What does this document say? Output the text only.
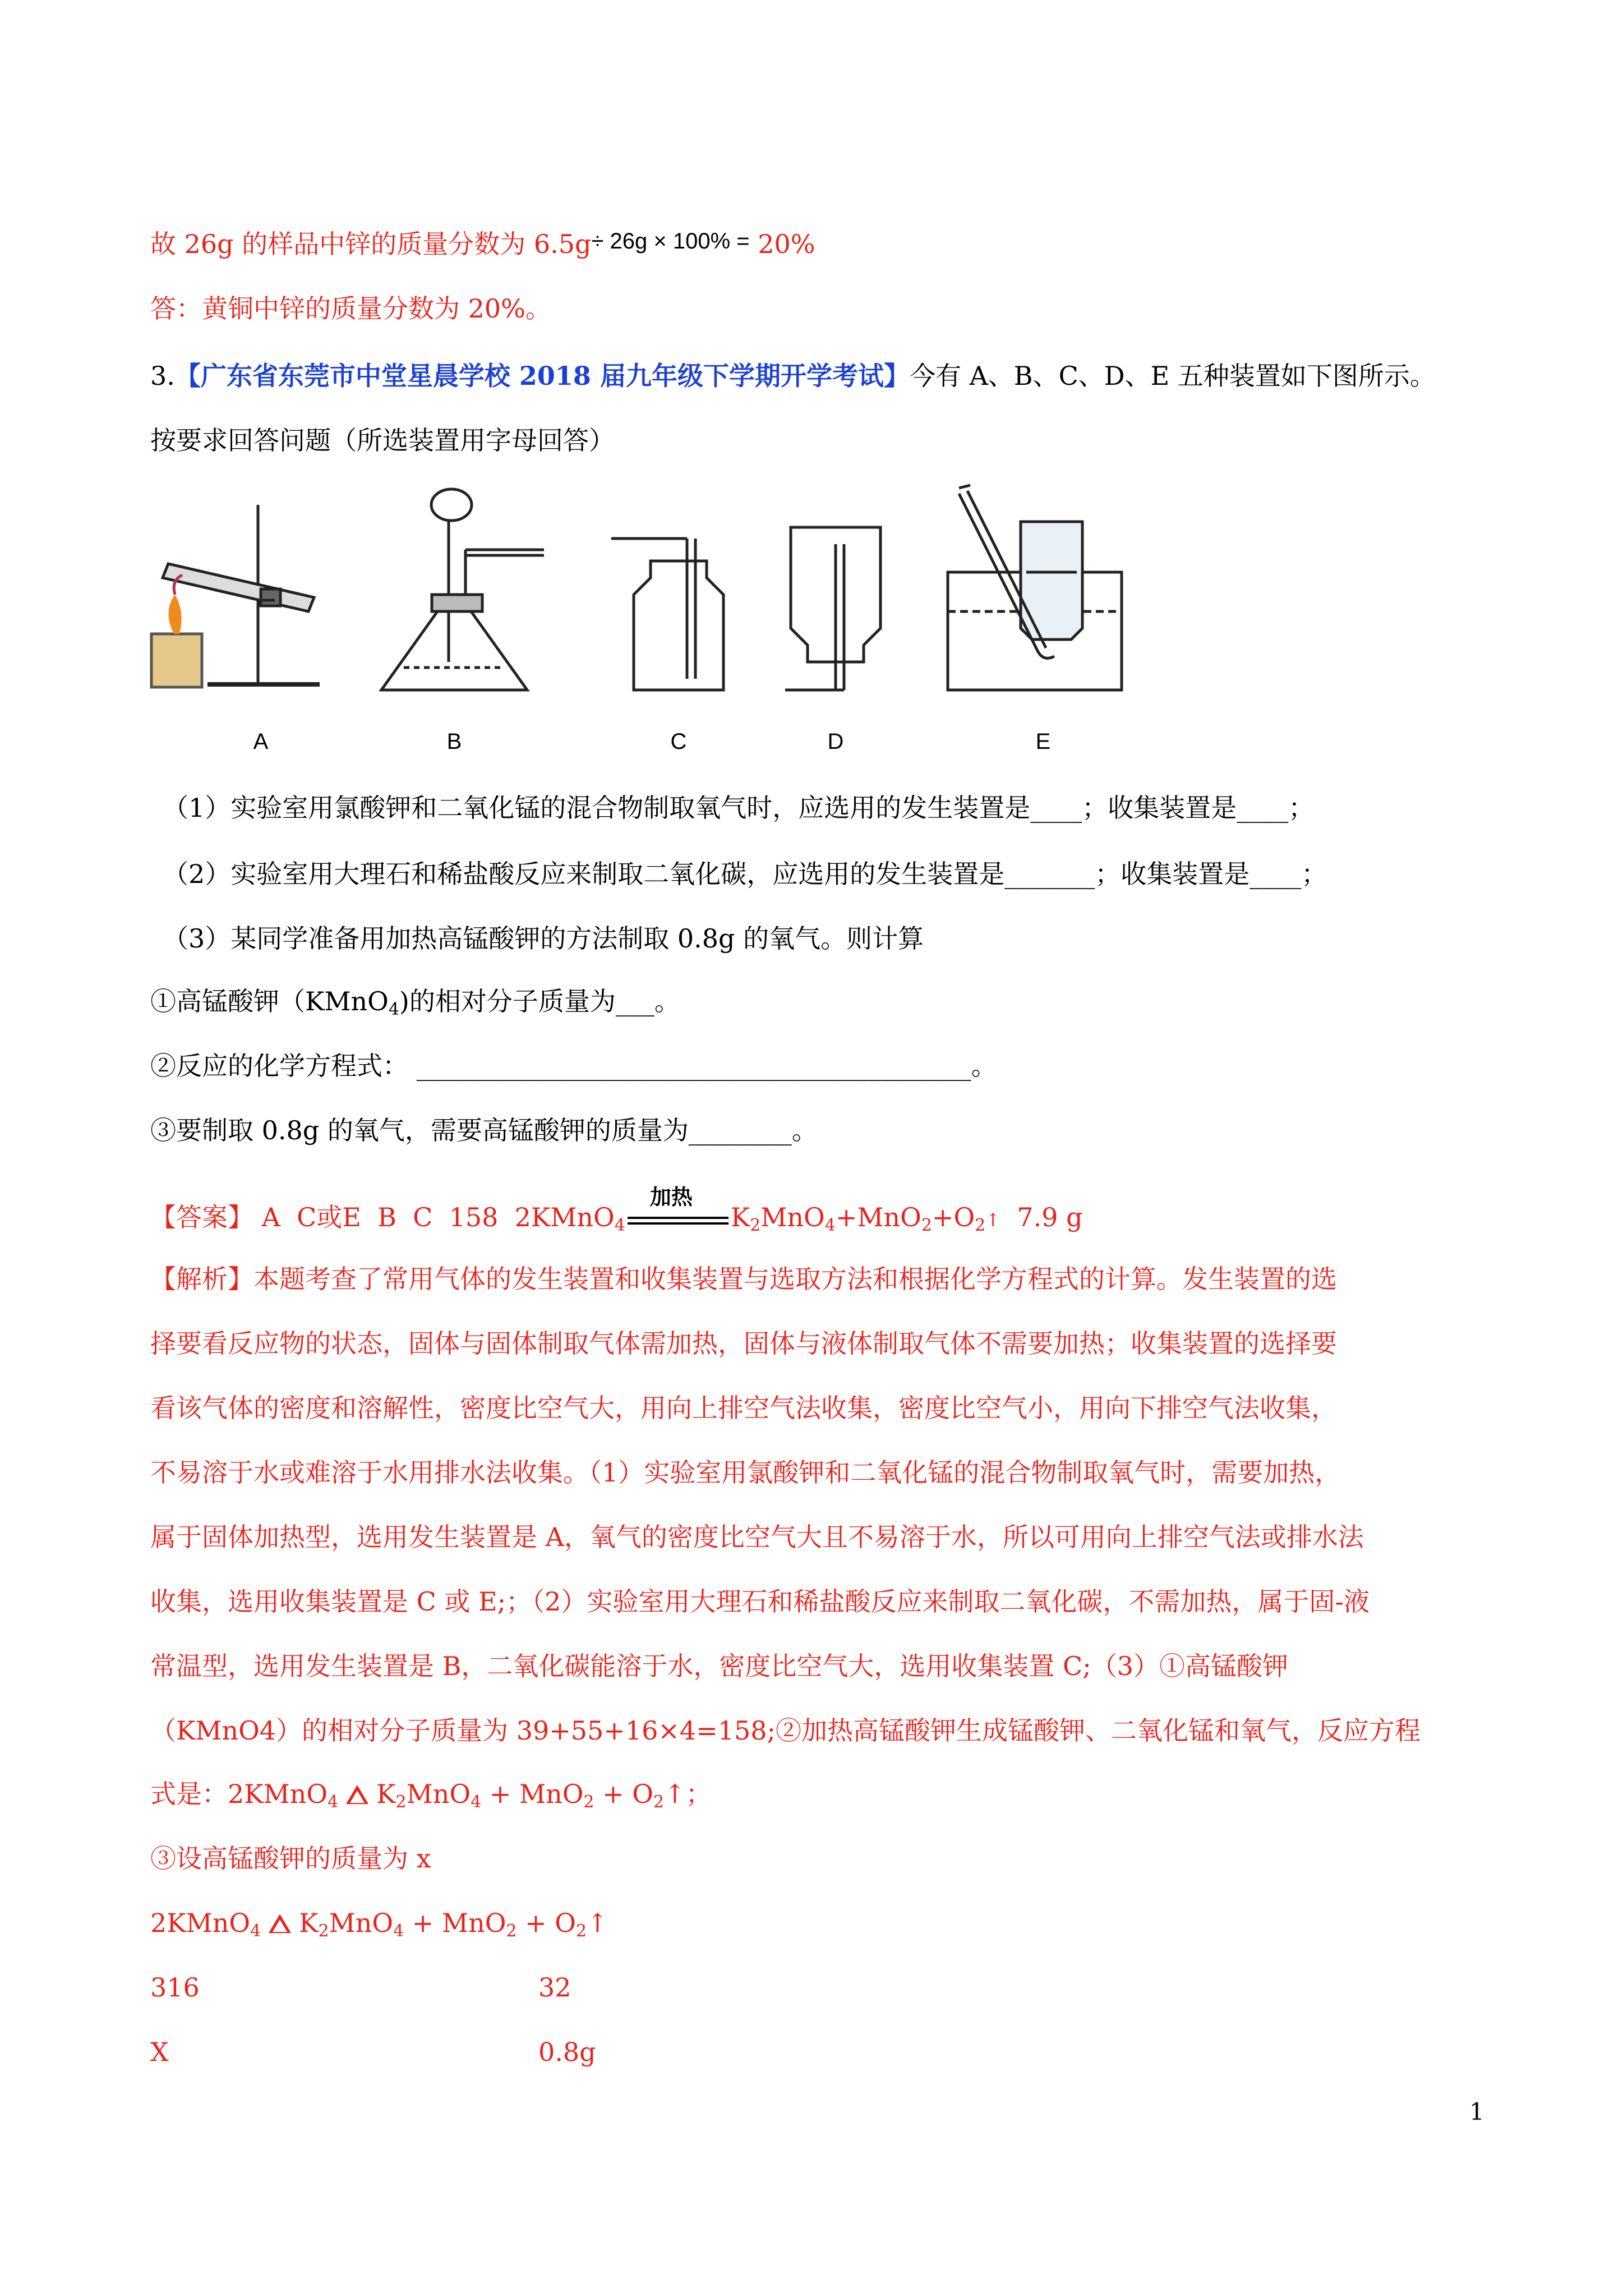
故 26g 的样品中锌的质量分数为 6.5g÷ 26g × 100% = 20%
答：黄铜中锌的质量分数为 20%。
3.【广东省东莞市中堂星晨学校 2018 届九年级下学期开学考试】今有 A、B、C、D、E 五种装置如下图所示。
按要求回答问题（所选装置用字母回答）
A	B	C	D	E
（1）实验室用氯酸钾和二氧化锰的混合物制取氧气时，应选用的发生装置是____；收集装置是____；
（2）实验室用大理石和稀盐酸反应来制取二氧化碳，应选用的发生装置是_______；收集装置是____；
（3）某同学准备用加热高锰酸钾的方法制取 0.8g 的氧气。则计算
①高锰酸钾（KMnO$_4$)的相对分子质量为___。
②反应的化学方程式： ___________________________________________。
③要制取 0.8g 的氧气，需要高锰酸钾的质量为________。
【答案】 A  C或E  B  C  158  2KMnO$_4$
加热
$K_2MnO_4+MnO_2+O_2↑$  7.9 g
【解析】本题考查了常用气体的发生装置和收集装置与选取方法和根据化学方程式的计算。发生装置的选
择要看反应物的状态，固体与固体制取气体需加热，固体与液体制取气体不需要加热；收集装置的选择要
看该气体的密度和溶解性，密度比空气大，用向上排空气法收集，密度比空气小，用向下排空气法收集，
不易溶于水或难溶于水用排水法收集。（1）实验室用氯酸钾和二氧化锰的混合物制取氧气时，需要加热，
属于固体加热型，选用发生装置是 A，氧气的密度比空气大且不易溶于水，所以可用向上排空气法或排水法
收集，选用收集装置是 C 或 E;；（2）实验室用大理石和稀盐酸反应来制取二氧化碳，不需加热，属于固-液
常温型，选用发生装置是 B，二氧化碳能溶于水，密度比空气大，选用收集装置 C;（3）①高锰酸钾
（KMnO4）的相对分子质量为 39+55+16×4=158;②加热高锰酸钾生成锰酸钾、二氧化锰和氧气，反应方程
式是：2KMnO$_4$ $K_2MnO_4 + MnO_2$ + $O_2↑$；
③设高锰酸钾的质量为 x
2KMnO$_4$ $K_2MnO_4 + MnO_2$ + $O_2↑$
316	32
X	0.8g
1
